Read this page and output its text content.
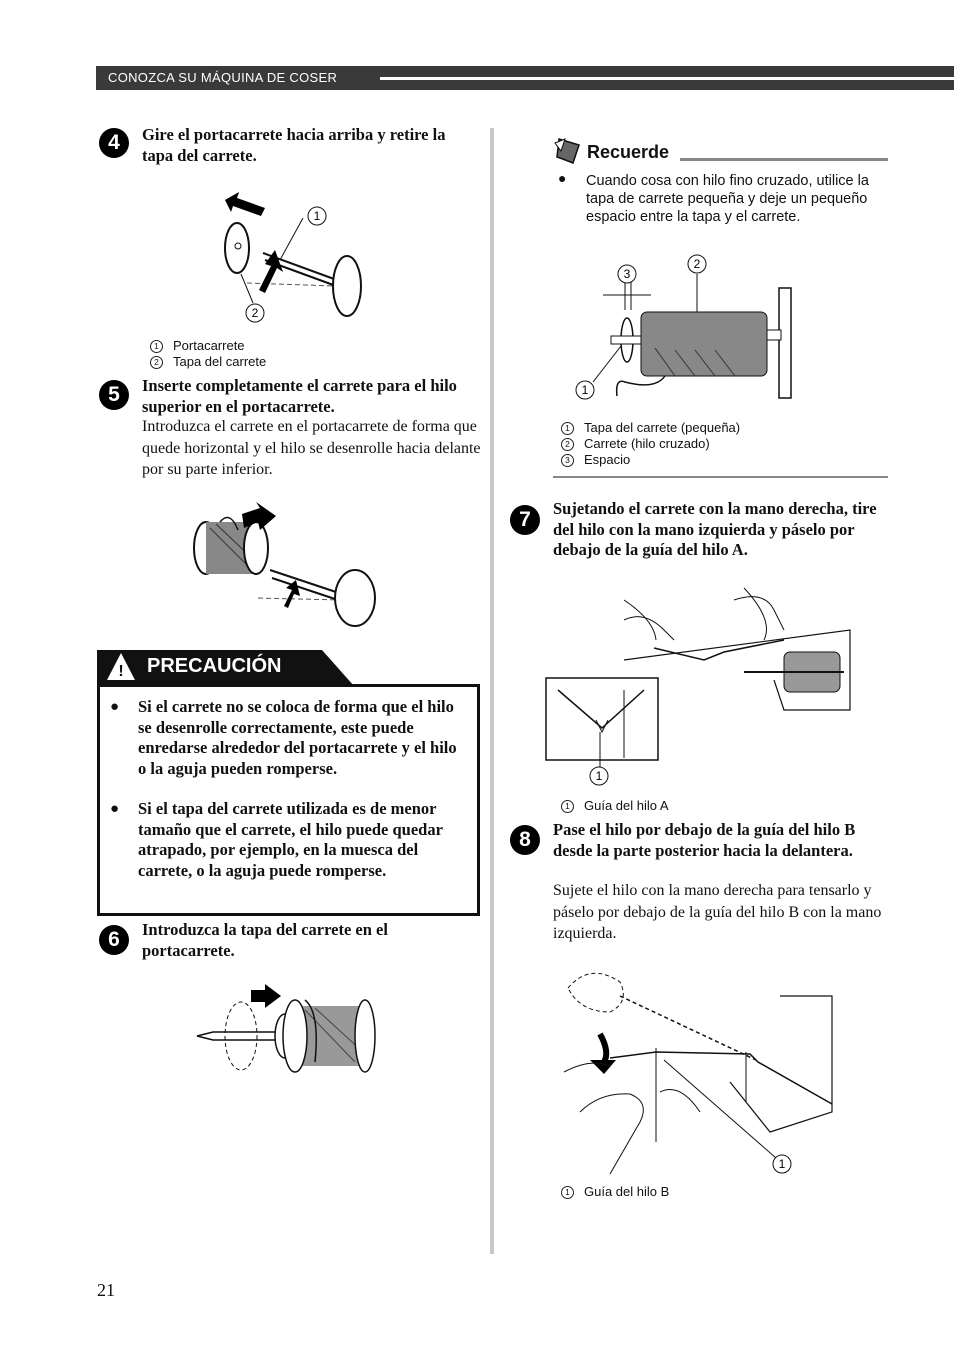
CONOZCA SU MÁQUINA DE COSER
4	Gire el portacarrete hacia arriba y retire la tapa del carrete.
1
2
1 Portacarrete
2 Tapa del carrete
5	Inserte completamente el carrete para el hilo superior en el portacarrete.
Introduzca el carrete en el portacarrete de forma que quede horizontal y el hilo se desenrolle hacia delante por su parte inferior.
! PRECAUCIÓN
● Si el carrete no se coloca de forma que el hilo se desenrolle correctamente, este puede enredarse alrededor del portacarrete y el hilo o la aguja pueden romperse.
● Si el tapa del carrete utilizada es de menor tamaño que el carrete, el hilo puede quedar atrapado, por ejemplo, en la muesca del carrete, o la aguja puede romperse.
6	Introduzca la tapa del carrete en el portacarrete.
21
Recuerde
● Cuando cosa con hilo fino cruzado, utilice la tapa de carrete pequeña y deje un pequeño espacio entre la tapa y el carrete.
3
2
1
1 Tapa del carrete (pequeña)
2 Carrete (hilo cruzado)
3 Espacio
7	Sujetando el carrete con la mano derecha, tire del hilo con la mano izquierda y páselo por debajo de la guía del hilo A.
1
1 Guía del hilo A
8	Pase el hilo por debajo de la guía del hilo B desde la parte posterior hacia la delantera.
Sujete el hilo con la mano derecha para tensarlo y páselo por debajo de la guía del hilo B con la mano izquierda.
1
1 Guía del hilo B
